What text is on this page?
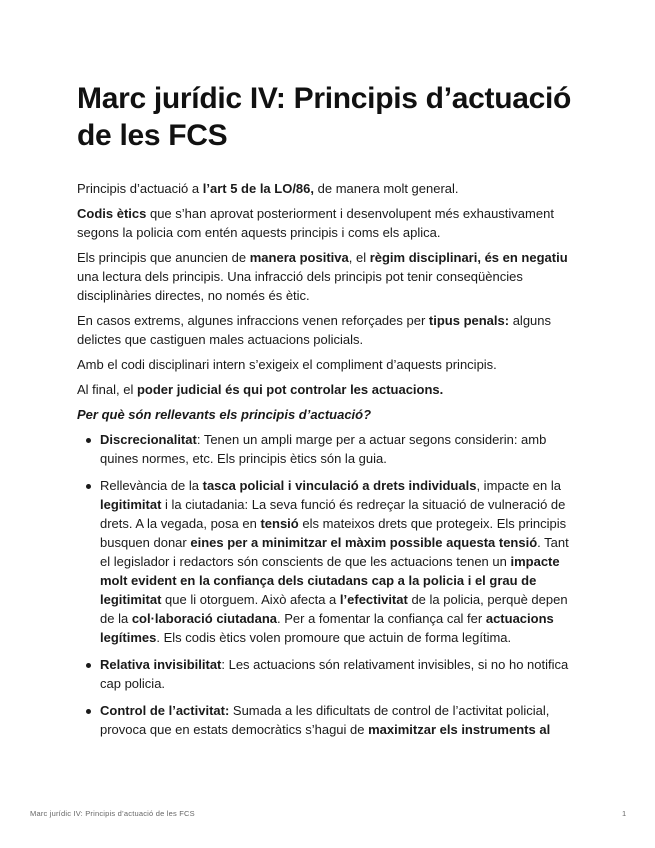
Marc jurídic IV: Principis d’actuació de les FCS

Principis d’actuació a l’art 5 de la LO/86, de manera molt general.

Codis ètics que s’han aprovat posteriorment i desenvolupent més exhaustivament segons la policia com entén aquests principis i coms els aplica.

Els principis que anuncien de manera positiva, el règim disciplinari, és en negatiu una lectura dels principis. Una infracció dels principis pot tenir conseqüències disciplinàries directes, no només és ètic.

En casos extrems, algunes infraccions venen reforçades per tipus penals: alguns delictes que castiguen males actuacions policials.

Amb el codi disciplinari intern s’exigeix el compliment d’aquests principis.

Al final, el poder judicial és qui pot controlar les actuacions.

Per què són rellevants els principis d’actuació?

Discrecionalitat: Tenen un ampli marge per a actuar segons considerin: amb quines normes, etc. Els principis ètics són la guia.
Rellevància de la tasca policial i vinculació a drets individuals, impacte en la legitimitat i la ciutadania: La seva funció és redreçar la situació de vulneració de drets. A la vegada, posa en tensió els mateixos drets que protegeix. Els principis busquen donar eines per a minimitzar el màxim possible aquesta tensió. Tant el legislador i redactors són conscients de que les actuacions tenen un impacte molt evident en la confiança dels ciutadans cap a la policia i el grau de legitimitat que li otorguem. Això afecta a l’efectivitat de la policia, perquè depen de la col·laboració ciutadana. Per a fomentar la confiança cal fer actuacions legítimes. Els codis ètics volen promoure que actuin de forma legítima.
Relativa invisibilitat: Les actuacions són relativament invisibles, si no ho notifica cap policia.
Control de l’activitat: Sumada a les dificultats de control de l’activitat policial, provoca que en estats democràtics s’hagui de maximitzar els instruments al
Marc jurídic IV: Principis d’actuació de les FCS	1
